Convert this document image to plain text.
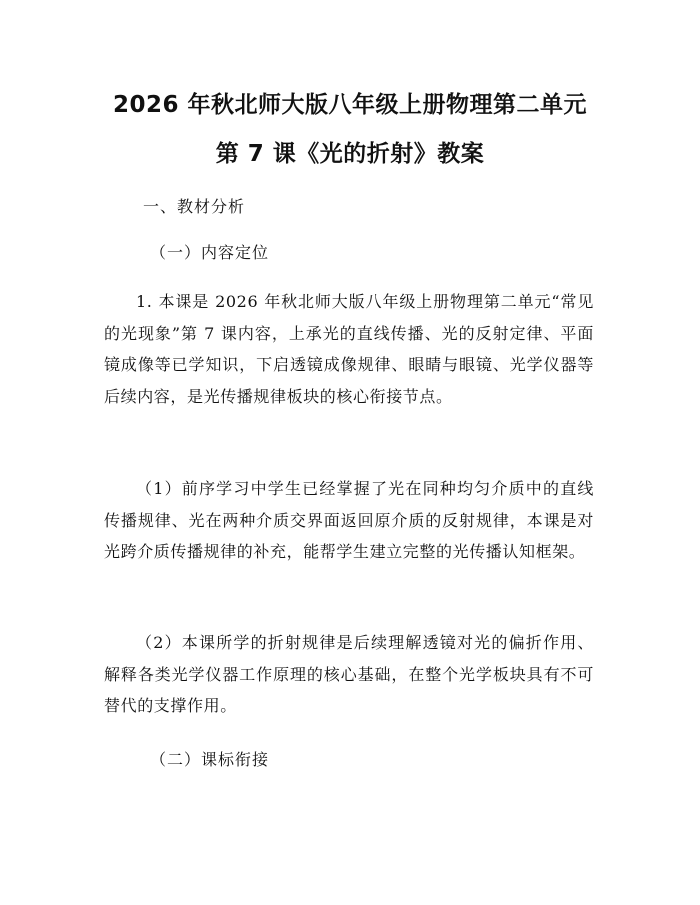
2026 年秋北师大版八年级上册物理第二单元
第 7 课《光的折射》教案
一、教材分析
（一）内容定位

1. 本课是 2026 年秋北师大版八年级上册物理第二单元“常见的光现象”第 7 课内容，上承光的直线传播、光的反射定律、平面镜成像等已学知识，下启透镜成像规律、眼睛与眼镜、光学仪器等后续内容，是光传播规律板块的核心衔接节点。

（1）前序学习中学生已经掌握了光在同种均匀介质中的直线传播规律、光在两种介质交界面返回原介质的反射规律，本课是对光跨介质传播规律的补充，能帮学生建立完整的光传播认知框架。

（2）本课所学的折射规律是后续理解透镜对光的偏折作用、解释各类光学仪器工作原理的核心基础，在整个光学板块具有不可替代的支撑作用。

（二）课标衔接
